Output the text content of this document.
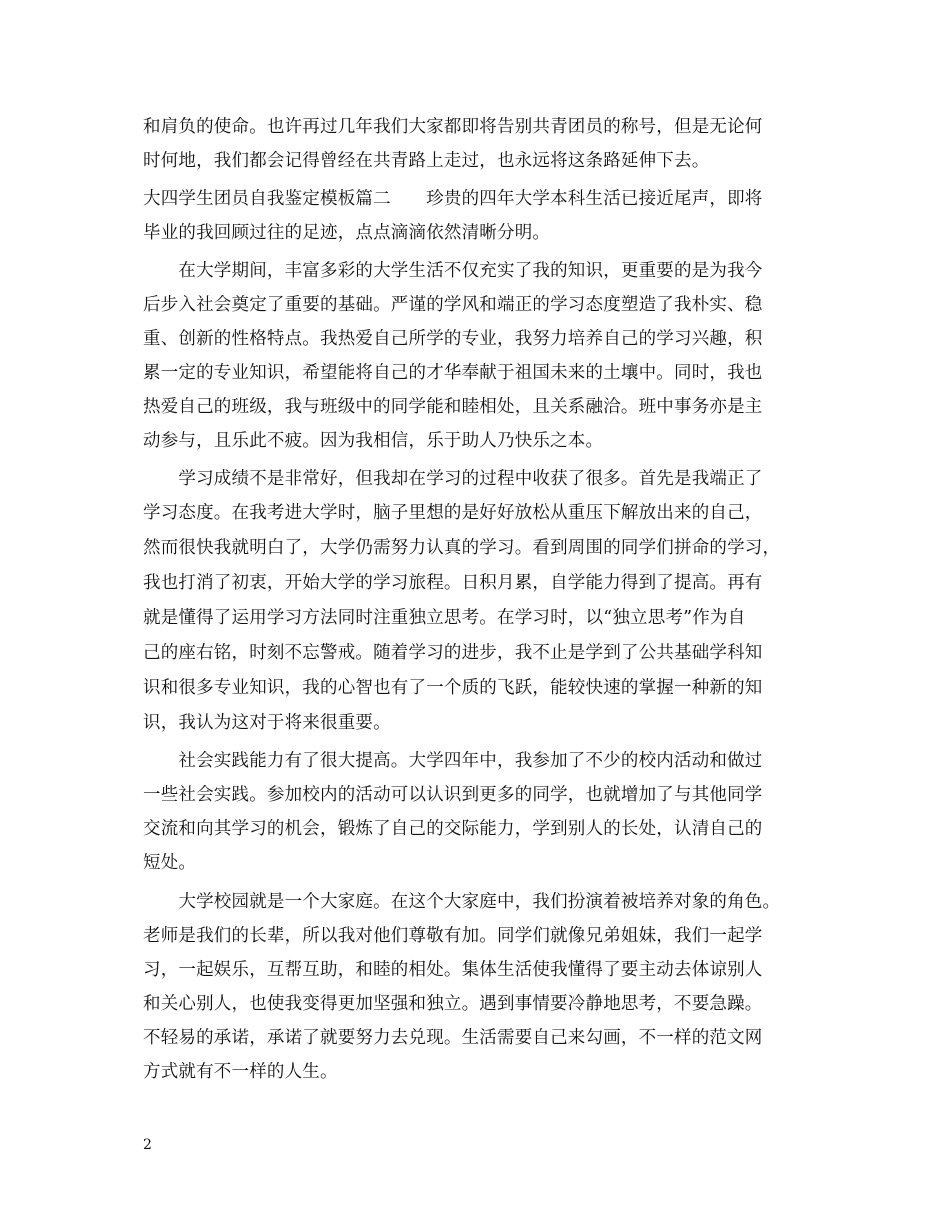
和肩负的使命。也许再过几年我们大家都即将告别共青团员的称号，但是无论何
时何地，我们都会记得曾经在共青路上走过，也永远将这条路延伸下去。
大四学生团员自我鉴定模板篇二　　珍贵的四年大学本科生活已接近尾声，即将
毕业的我回顾过往的足迹，点点滴滴依然清晰分明。
　　在大学期间，丰富多彩的大学生活不仅充实了我的知识，更重要的是为我今
后步入社会奠定了重要的基础。严谨的学风和端正的学习态度塑造了我朴实、稳
重、创新的性格特点。我热爱自己所学的专业，我努力培养自己的学习兴趣，积
累一定的专业知识，希望能将自己的才华奉献于祖国未来的土壤中。同时，我也
热爱自己的班级，我与班级中的同学能和睦相处，且关系融洽。班中事务亦是主
动参与，且乐此不疲。因为我相信，乐于助人乃快乐之本。
　　学习成绩不是非常好，但我却在学习的过程中收获了很多。首先是我端正了
学习态度。在我考进大学时，脑子里想的是好好放松从重压下解放出来的自己，
然而很快我就明白了，大学仍需努力认真的学习。看到周围的同学们拼命的学习，
我也打消了初衷，开始大学的学习旅程。日积月累，自学能力得到了提高。再有
就是懂得了运用学习方法同时注重独立思考。在学习时，以“独立思考”作为自
己的座右铭，时刻不忘警戒。随着学习的进步，我不止是学到了公共基础学科知
识和很多专业知识，我的心智也有了一个质的飞跃，能较快速的掌握一种新的知
识，我认为这对于将来很重要。
　　社会实践能力有了很大提高。大学四年中，我参加了不少的校内活动和做过
一些社会实践。参加校内的活动可以认识到更多的同学，也就增加了与其他同学
交流和向其学习的机会，锻炼了自己的交际能力，学到别人的长处，认清自己的
短处。
　　大学校园就是一个大家庭。在这个大家庭中，我们扮演着被培养对象的角色。
老师是我们的长辈，所以我对他们尊敬有加。同学们就像兄弟姐妹，我们一起学
习，一起娱乐，互帮互助，和睦的相处。集体生活使我懂得了要主动去体谅别人
和关心别人，也使我变得更加坚强和独立。遇到事情要冷静地思考，不要急躁。
不轻易的承诺，承诺了就要努力去兑现。生活需要自己来勾画，不一样的范文网
方式就有不一样的人生。
2
